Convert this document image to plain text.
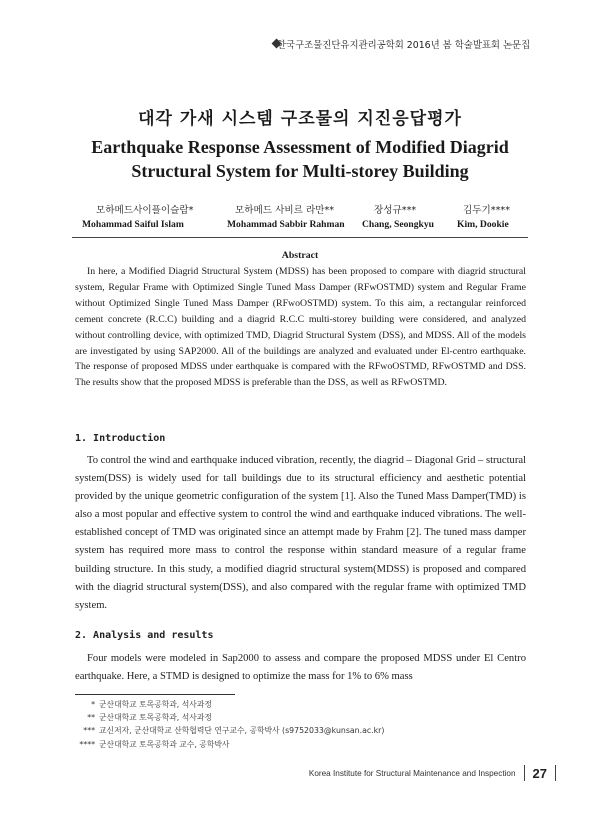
한국구조물진단유지관리공학회 2016년 봄 학술발표회 논문집
대각 가새 시스템 구조물의 지진응답평가
Earthquake Response Assessment of Modified Diagrid
Structural System for Multi-storey Building
모하메드사이플이슬람*
Mohammad Saiful Islam
모하메드 사비르 라만**
Mohammad Sabbir Rahman
장성규***
Chang, Seongkyu
김두기****
Kim, Dookie
Abstract
In here, a Modified Diagrid Structural System (MDSS) has been proposed to compare with diagrid structural system, Regular Frame with Optimized Single Tuned Mass Damper (RFwOSTMD) system and Regular Frame without Optimized Single Tuned Mass Damper (RFwoOSTMD) system. To this aim, a rectangular reinforced cement concrete (R.C.C) building and a diagrid R.C.C multi-storey building were considered, and analyzed without controlling device, with optimized TMD, Diagrid Structural System (DSS), and MDSS. All of the models are investigated by using SAP2000. All of the buildings are analyzed and evaluated under El-centro earthquake. The response of proposed MDSS under earthquake is compared with the RFwoOSTMD, RFwOSTMD and DSS. The results show that the proposed MDSS is preferable than the DSS, as well as RFwOSTMD.
1. Introduction
To control the wind and earthquake induced vibration, recently, the diagrid – Diagonal Grid – structural system(DSS) is widely used for tall buildings due to its structural efficiency and aesthetic potential provided by the unique geometric configuration of the system [1]. Also the Tuned Mass Damper(TMD) is also a most popular and effective system to control the wind and earthquake induced vibrations. The well-established concept of TMD was originated since an attempt made by Frahm [2]. The tuned mass damper system has required more mass to control the response within standard measure of a regular frame building structure. In this study, a modified diagrid structural system(MDSS) is proposed and compared with the diagrid structural system(DSS), and also compared with the regular frame with optimized TMD system.
2. Analysis and results
Four models were modeled in Sap2000 to assess and compare the proposed MDSS under El Centro earthquake. Here, a STMD is designed to optimize the mass for 1% to 6% mass
* 군산대학교 토목공학과, 석사과정
** 군산대학교 토목공학과, 석사과정
*** 교신저자, 군산대학교 산학협력단 연구교수, 공학박사 (s9752033@kunsan.ac.kr)
**** 군산대학교 토목공학과 교수, 공학박사
Korea Institute for Structural Maintenance and Inspection 27
